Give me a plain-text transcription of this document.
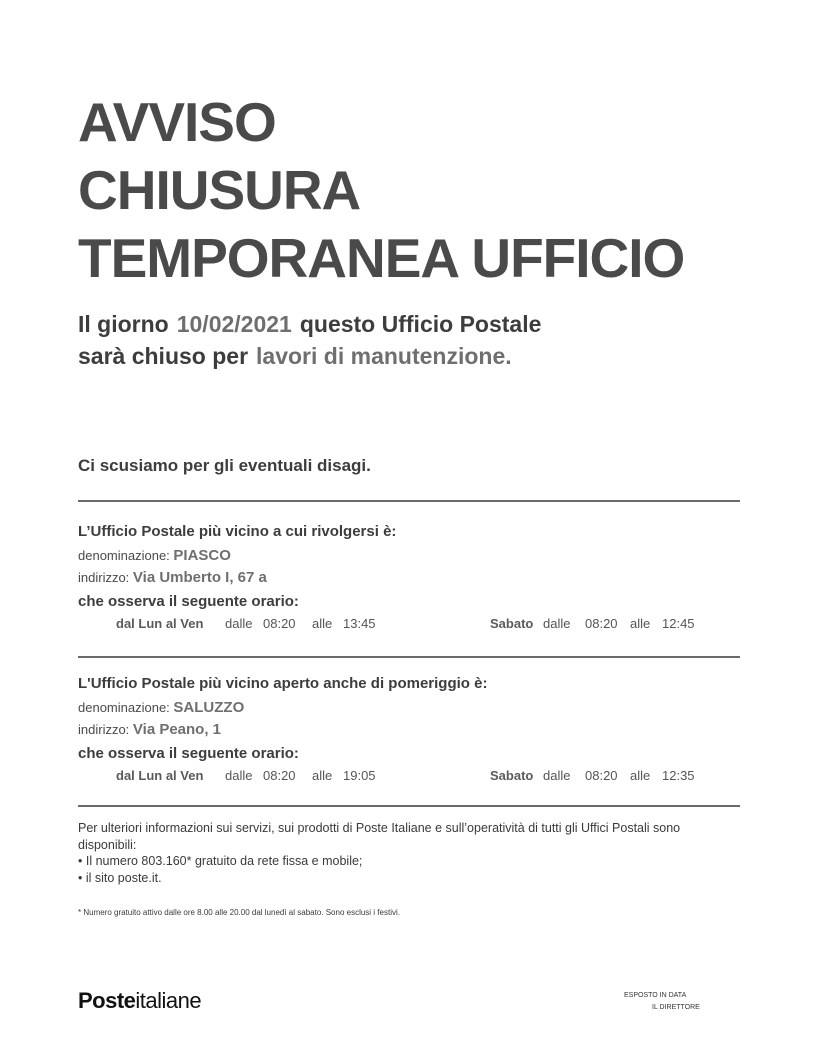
AVVISO
CHIUSURA
TEMPORANEA UFFICIO
Il giorno 10/02/2021 questo Ufficio Postale
sarà chiuso per lavori di manutenzione.
Ci scusiamo per gli eventuali disagi.
L’Ufficio Postale più vicino a cui rivolgersi è:
denominazione: PIASCO
indirizzo: Via Umberto I, 67 a
che osserva il seguente orario:
dal Lun al Ven dalle 08:20 alle 13:45	Sabato dalle 08:20 alle 12:45
L'Ufficio Postale più vicino aperto anche di pomeriggio è:
denominazione: SALUZZO
indirizzo: Via Peano, 1
che osserva il seguente orario:
dal Lun al Ven dalle 08:20 alle 19:05	Sabato dalle 08:20 alle 12:35
Per ulteriori informazioni sui servizi, sui prodotti di Poste Italiane e sull’operatività di tutti gli Uffici Postali sono disponibili:
• Il numero 803.160* gratuito da rete fissa e mobile;
• il sito poste.it.
* Numero gratuito attivo dalle ore 8.00 alle 20.00 dal lunedì al sabato. Sono esclusi i festivi.
Posteitaliane	ESPOSTO IN DATA
IL DIRETTORE
